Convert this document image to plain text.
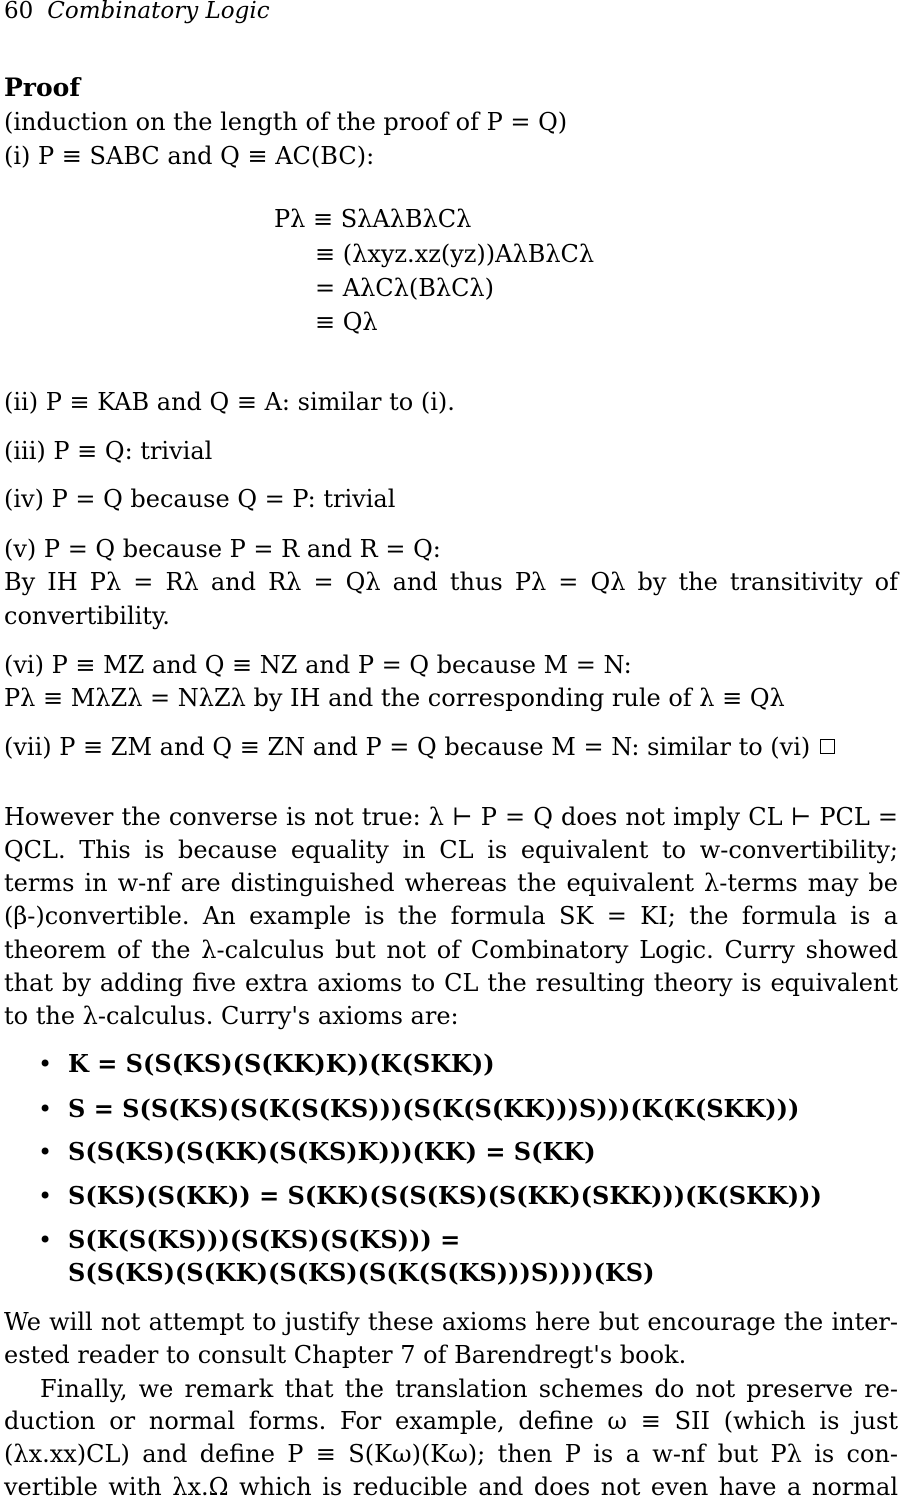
60 Combinatory Logic
Proof
(induction on the length of the proof of P = Q)
(i) P ≡ SABC and Q ≡ AC(BC):
Pλ ≡ SλAλBλCλ
≡ (λxyz.xz(yz))AλBλCλ
= AλCλ(BλCλ)
≡ Qλ
(ii) P ≡ KAB and Q ≡ A: similar to (i).
(iii) P ≡ Q: trivial
(iv) P = Q because Q = P: trivial
(v) P = Q because P = R and R = Q:
By IH Pλ = Rλ and Rλ = Qλ and thus Pλ = Qλ by the transitivity of
convertibility.
(vi) P ≡ MZ and Q ≡ NZ and P = Q because M = N:
Pλ ≡ MλZλ = NλZλ by IH and the corresponding rule of λ ≡ Qλ
(vii) P ≡ ZM and Q ≡ ZN and P = Q because M = N: similar to (vi)
However the converse is not true: λ ⊢ P = Q does not imply CL ⊢ PCL =
QCL. This is because equality in CL is equivalent to w-convertibility;
terms in w-nf are distinguished whereas the equivalent λ-terms may be
(β-)convertible. An example is the formula SK = KI; the formula is a
theorem of the λ-calculus but not of Combinatory Logic. Curry showed
that by adding five extra axioms to CL the resulting theory is equivalent
to the λ-calculus. Curry's axioms are:
• K = S(S(KS)(S(KK)K))(K(SKK))
• S = S(S(KS)(S(K(S(KS)))(S(K(S(KK)))S)))(K(K(SKK)))
• S(S(KS)(S(KK)(S(KS)K)))(KK) = S(KK)
• S(KS)(S(KK)) = S(KK)(S(S(KS)(S(KK)(SKK)))(K(SKK)))
• S(K(S(KS)))(S(KS)(S(KS))) =
S(S(KS)(S(KK)(S(KS)(S(K(S(KS)))S))))(KS)
We will not attempt to justify these axioms here but encourage the inter-
ested reader to consult Chapter 7 of Barendregt's book.
Finally, we remark that the translation schemes do not preserve re-
duction or normal forms. For example, define ω ≡ SII (which is just
(λx.xx)CL) and define P ≡ S(Kω)(Kω); then P is a w-nf but Pλ is con-
vertible with λx.Ω which is reducible and does not even have a normal
